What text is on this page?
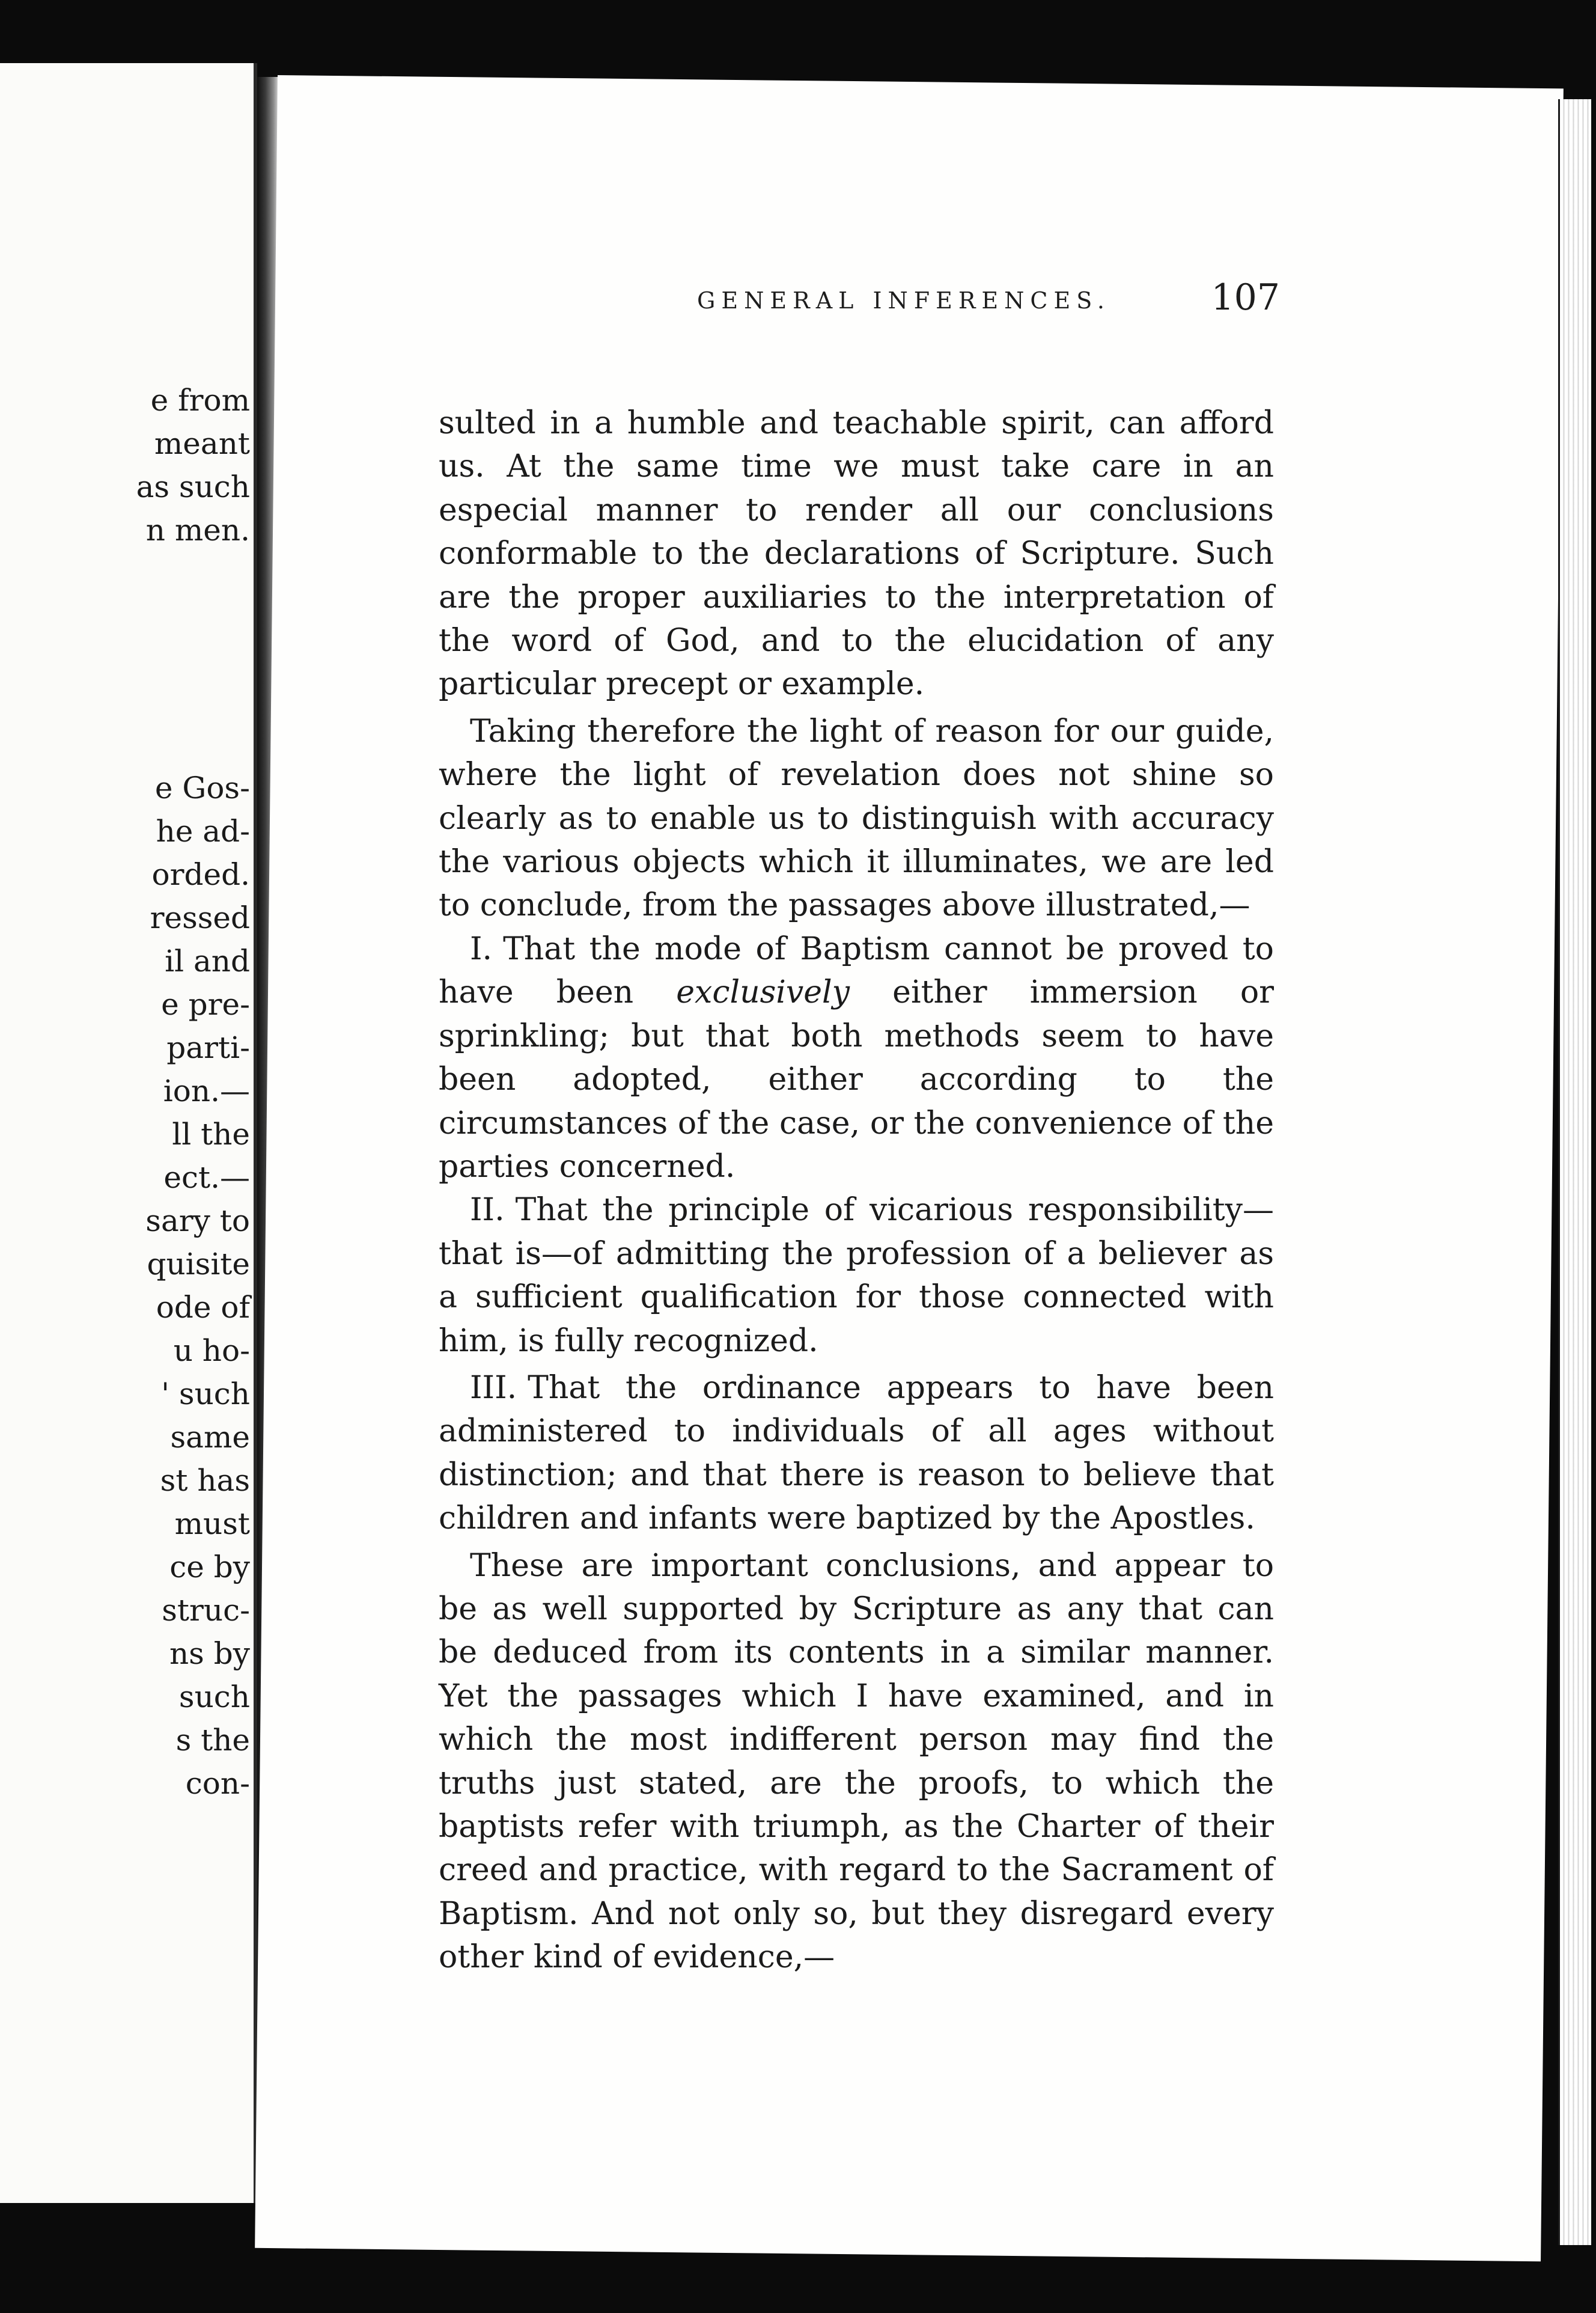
e from
meant
as such
n men.
e Gos-
he ad-
orded.
ressed
il and
e pre-
parti-
ion.—
ll the
ect.—
sary to
quisite
ode of
u ho-
' such
same
st has
must
ce by
struc-
ns by
such
s the
con-
GENERAL INFERENCES.	107

sulted in a humble and teachable spirit, can afford us. At the same time we must take care in an especial manner to render all our conclusions conformable to the declarations of Scripture. Such are the proper auxiliaries to the interpretation of the word of God, and to the elucidation of any particular precept or example.

Taking therefore the light of reason for our guide, where the light of revelation does not shine so clearly as to enable us to distinguish with accuracy the various objects which it illuminates, we are led to conclude, from the passages above illustrated,—

I. That the mode of Baptism cannot be proved to have been exclusively either immersion or sprinkling; but that both methods seem to have been adopted, either according to the circumstances of the case, or the convenience of the parties concerned.

II. That the principle of vicarious responsibility—that is—of admitting the profession of a believer as a sufficient qualification for those connected with him, is fully recognized.

III. That the ordinance appears to have been administered to individuals of all ages without distinction; and that there is reason to believe that children and infants were baptized by the Apostles.

These are important conclusions, and appear to be as well supported by Scripture as any that can be deduced from its contents in a similar manner. Yet the passages which I have examined, and in which the most indifferent person may find the truths just stated, are the proofs, to which the baptists refer with triumph, as the Charter of their creed and practice, with regard to the Sacrament of Baptism. And not only so, but they disregard every other kind of evidence,—
